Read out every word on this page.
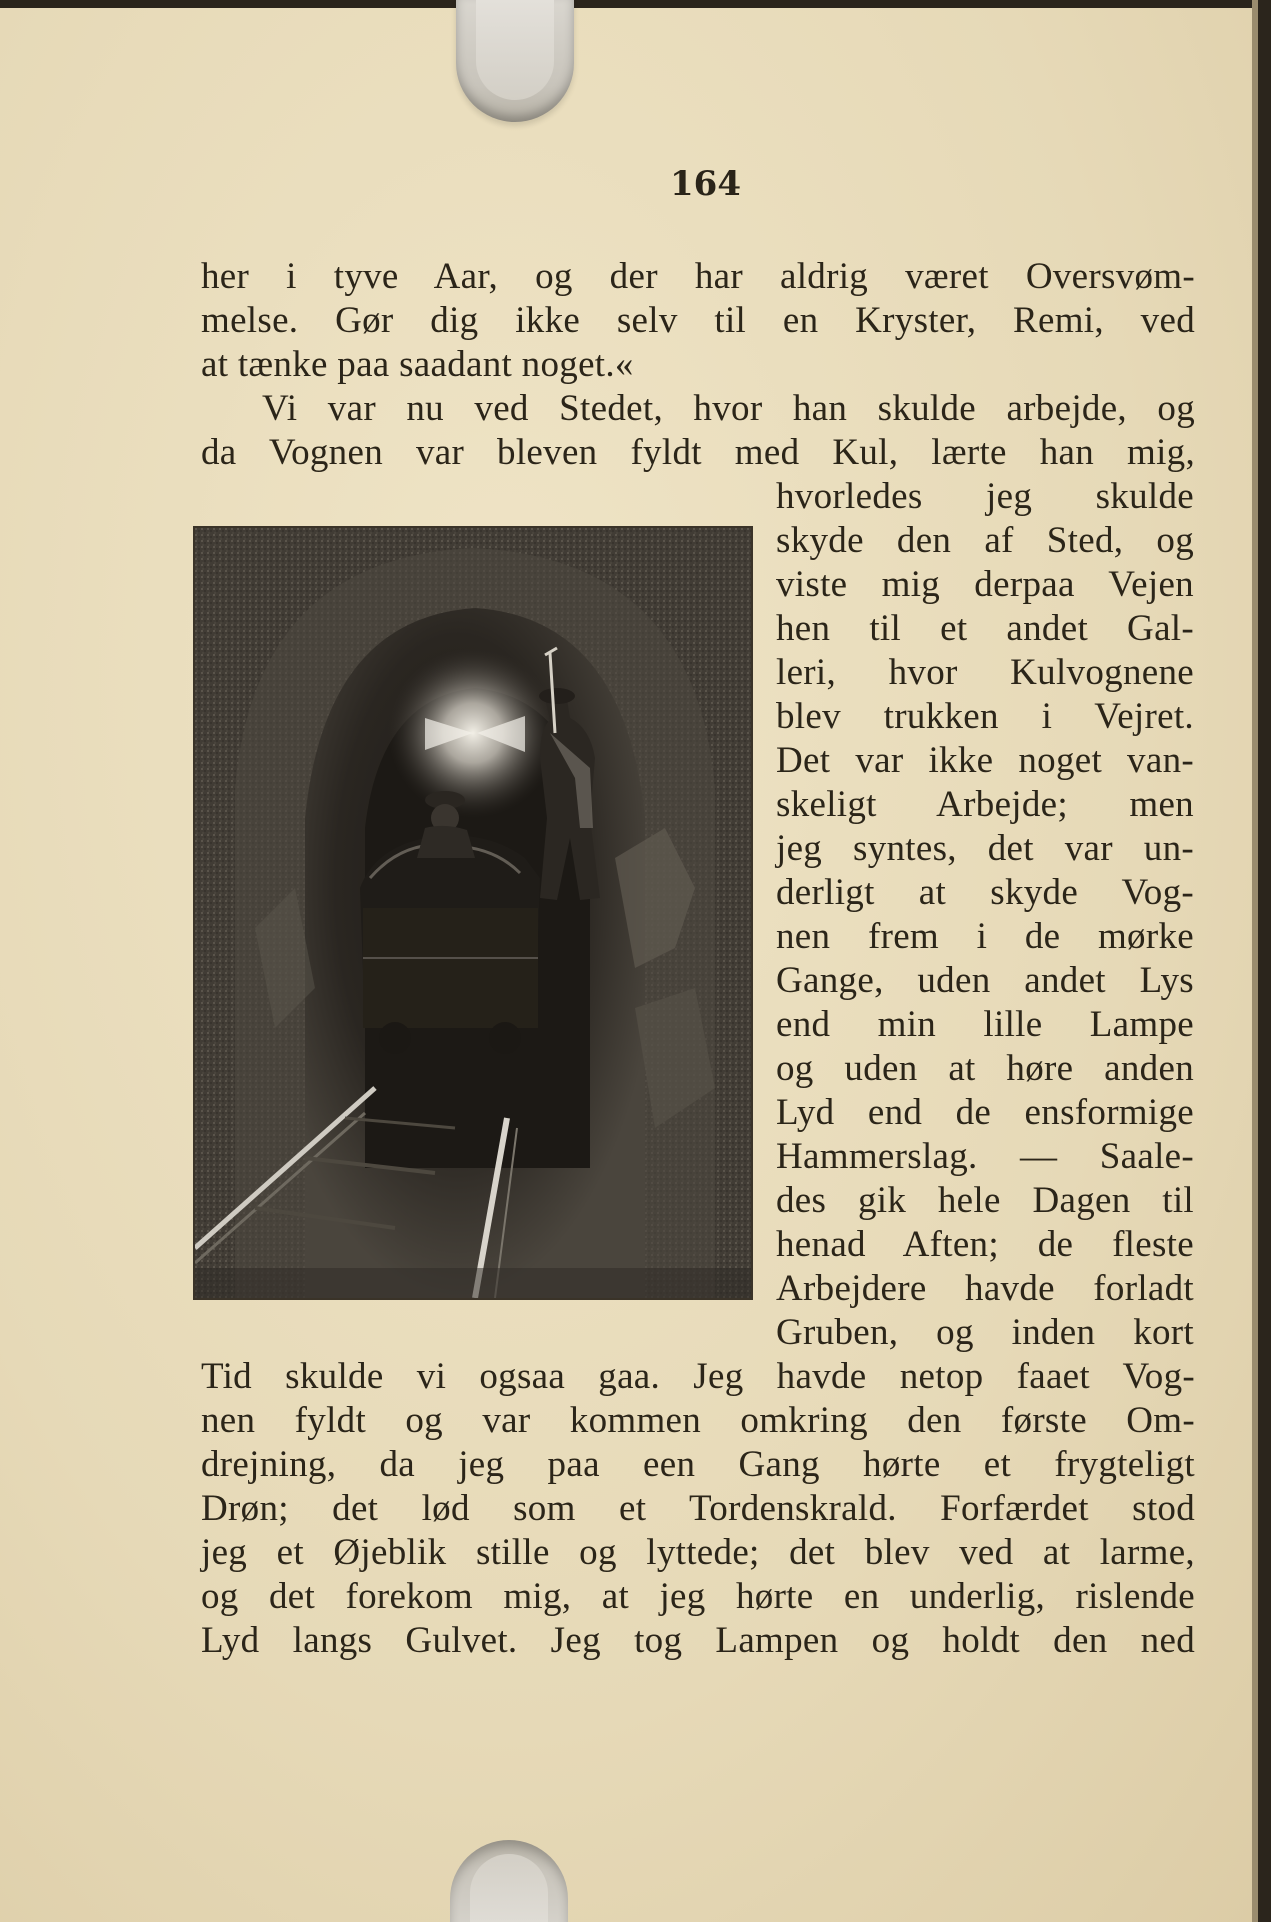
164
her i tyve Aar, og der har aldrig været Oversvøm-
melse. Gør dig ikke selv til en Kryster, Remi, ved
at tænke paa saadant noget.«
Vi var nu ved Stedet, hvor han skulde arbejde, og
da Vognen var bleven fyldt med Kul, lærte han mig,
hvorledes jeg skulde
skyde den af Sted, og
viste mig derpaa Vejen
hen til et andet Gal-
leri, hvor Kulvognene
blev trukken i Vejret.
Det var ikke noget van-
skeligt Arbejde; men
jeg syntes, det var un-
derligt at skyde Vog-
nen frem i de mørke
Gange, uden andet Lys
end min lille Lampe
og uden at høre anden
Lyd end de ensformige
Hammerslag. — Saale-
des gik hele Dagen til
henad Aften; de fleste
Arbejdere havde forladt
Gruben, og inden kort
Tid skulde vi ogsaa gaa. Jeg havde netop faaet Vog-
nen fyldt og var kommen omkring den første Om-
drejning, da jeg paa een Gang hørte et frygteligt
Drøn; det lød som et Tordenskrald. Forfærdet stod
jeg et Øjeblik stille og lyttede; det blev ved at larme,
og det forekom mig, at jeg hørte en underlig, rislende
Lyd langs Gulvet. Jeg tog Lampen og holdt den ned
